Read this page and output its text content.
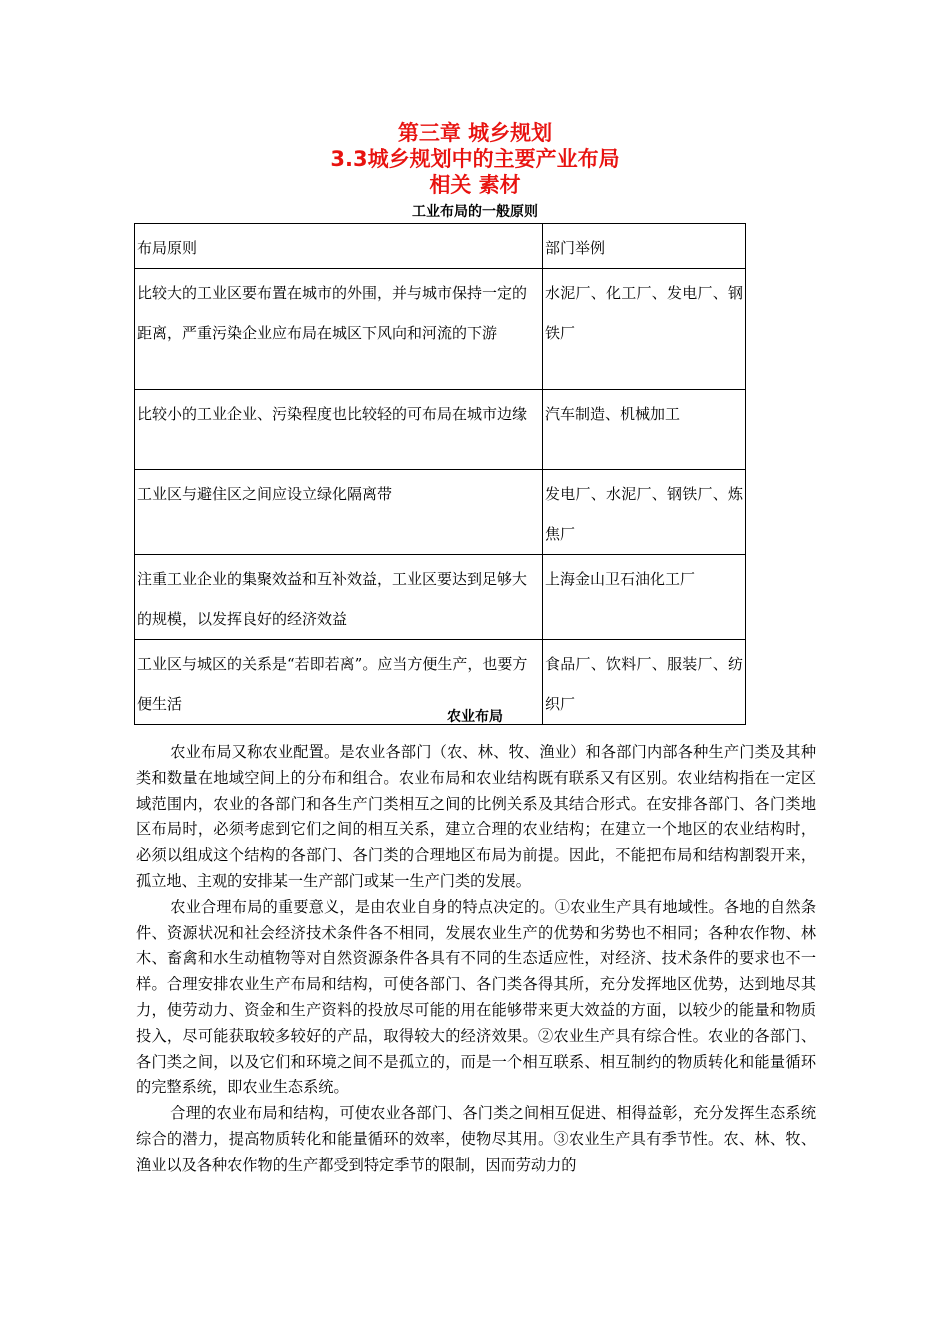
第三章 城乡规划
3.3城乡规划中的主要产业布局
相关 素材
工业布局的一般原则
布局原则	部门举例
比较大的工业区要布置在城市的外围，并与城市保持一定的距离，严重污染企业应布局在城区下风向和河流的下游	水泥厂、化工厂、发电厂、钢铁厂
比较小的工业企业、污染程度也比较轻的可布局在城市边缘	汽车制造、机械加工
工业区与避住区之间应设立绿化隔离带	发电厂、水泥厂、钢铁厂、炼焦厂
注重工业企业的集聚效益和互补效益，工业区要达到足够大的规模，以发挥良好的经济效益	上海金山卫石油化工厂
工业区与城区的关系是“若即若离”。应当方便生产，也要方便生活	食品厂、饮料厂、服装厂、纺织厂
农业布局

农业布局又称农业配置。是农业各部门（农、林、牧、渔业）和各部门内部各种生产门类及其种类和数量在地域空间上的分布和组合。农业布局和农业结构既有联系又有区别。农业结构指在一定区域范围内，农业的各部门和各生产门类相互之间的比例关系及其结合形式。在安排各部门、各门类地区布局时，必须考虑到它们之间的相互关系，建立合理的农业结构；在建立一个地区的农业结构时，必须以组成这个结构的各部门、各门类的合理地区布局为前提。因此，不能把布局和结构割裂开来，孤立地、主观的安排某一生产部门或某一生产门类的发展。

农业合理布局的重要意义，是由农业自身的特点决定的。①农业生产具有地域性。各地的自然条件、资源状况和社会经济技术条件各不相同，发展农业生产的优势和劣势也不相同；各种农作物、林木、畜禽和水生动植物等对自然资源条件各具有不同的生态适应性，对经济、技术条件的要求也不一样。合理安排农业生产布局和结构，可使各部门、各门类各得其所，充分发挥地区优势，达到地尽其力，使劳动力、资金和生产资料的投放尽可能的用在能够带来更大效益的方面，以较少的能量和物质投入，尽可能获取较多较好的产品，取得较大的经济效果。②农业生产具有综合性。农业的各部门、各门类之间，以及它们和环境之间不是孤立的，而是一个相互联系、相互制约的物质转化和能量循环的完整系统，即农业生态系统。

合理的农业布局和结构，可使农业各部门、各门类之间相互促进、相得益彰，充分发挥生态系统综合的潜力，提高物质转化和能量循环的效率，使物尽其用。③农业生产具有季节性。农、林、牧、渔业以及各种农作物的生产都受到特定季节的限制，因而劳动力的
